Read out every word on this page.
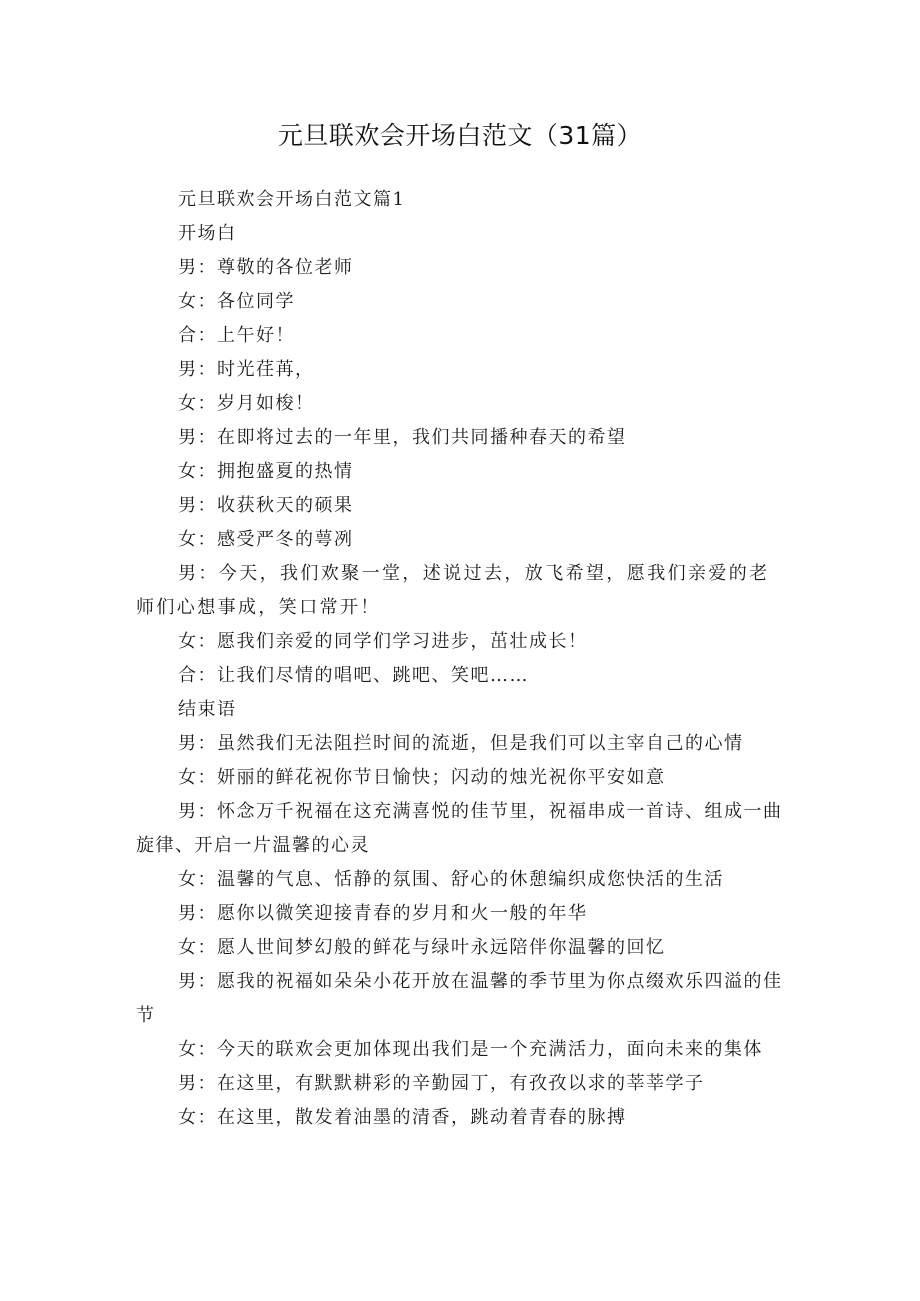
元旦联欢会开场白范文（31篇）

元旦联欢会开场白范文篇1

开场白

男：尊敬的各位老师

女：各位同学

合：上午好！

男：时光荏苒，

女：岁月如梭！

男：在即将过去的一年里，我们共同播种春天的希望

女：拥抱盛夏的热情

男：收获秋天的硕果

女：感受严冬的萼冽

男：今天，我们欢聚一堂，述说过去，放飞希望，愿我们亲爱的老师们心想事成，笑口常开！

女：愿我们亲爱的同学们学习进步，茁壮成长！

合：让我们尽情的唱吧、跳吧、笑吧……

结束语

男：虽然我们无法阻拦时间的流逝，但是我们可以主宰自己的心情

女：妍丽的鲜花祝你节日愉快；闪动的烛光祝你平安如意

男：怀念万千祝福在这充满喜悦的佳节里，祝福串成一首诗、组成一曲旋律、开启一片温馨的心灵

女：温馨的气息、恬静的氛围、舒心的休憩编织成您快活的生活

男：愿你以微笑迎接青春的岁月和火一般的年华

女：愿人世间梦幻般的鲜花与绿叶永远陪伴你温馨的回忆

男：愿我的祝福如朵朵小花开放在温馨的季节里为你点缀欢乐四溢的佳节

女：今天的联欢会更加体现出我们是一个充满活力，面向未来的集体

男：在这里，有默默耕彩的辛勤园丁，有孜孜以求的莘莘学子

女：在这里，散发着油墨的清香，跳动着青春的脉搏
